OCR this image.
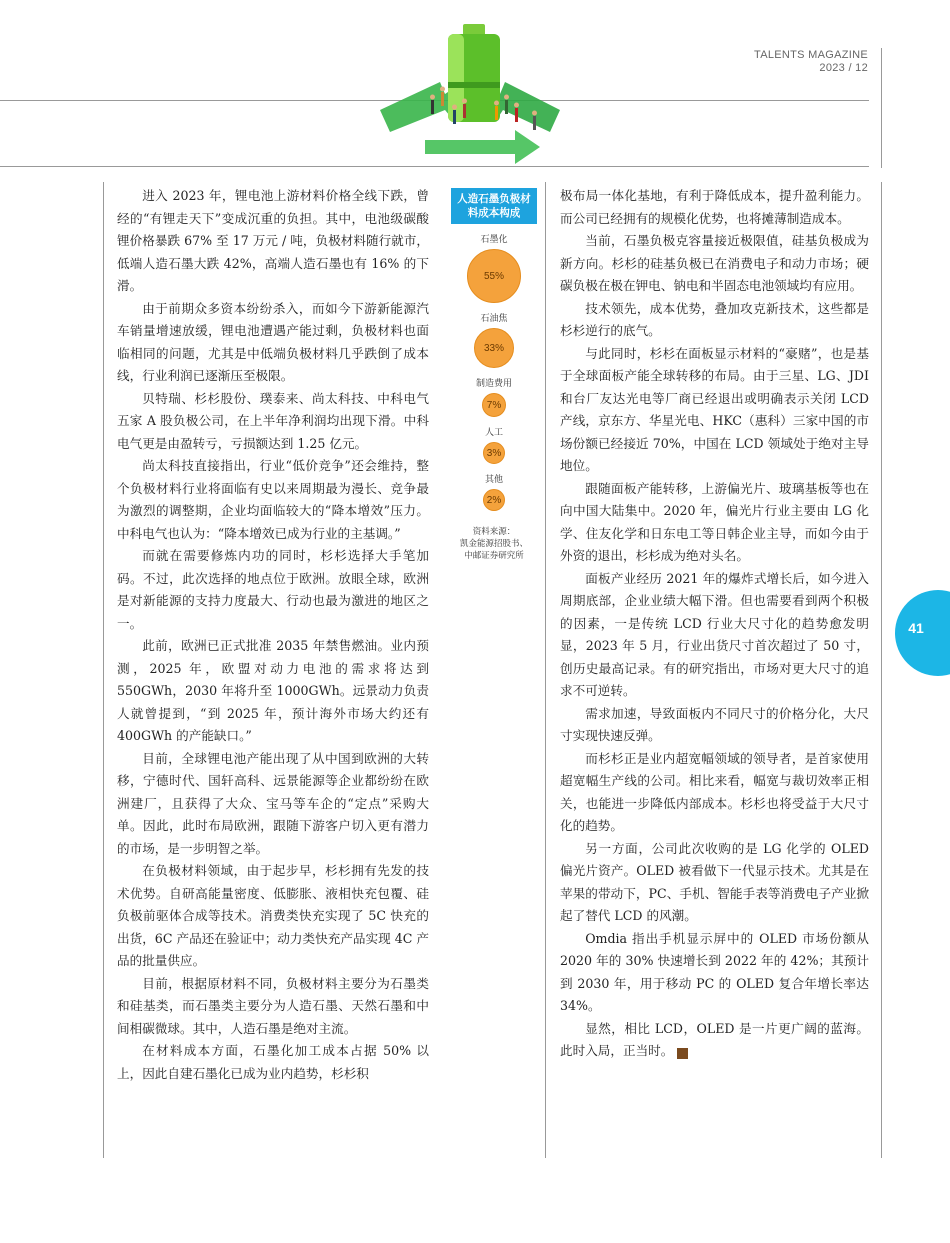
TALENTS MAGAZINE
2023 / 12

进入 2023 年，锂电池上游材料价格全线下跌，曾经的“有锂走天下”变成沉重的负担。其中，电池级碳酸锂价格暴跌 67% 至 17 万元 / 吨，负极材料随行就市，低端人造石墨大跌 42%，高端人造石墨也有 16% 的下滑。

由于前期众多资本纷纷杀入，而如今下游新能源汽车销量增速放缓，锂电池遭遇产能过剩，负极材料也面临相同的问题，尤其是中低端负极材料几乎跌倒了成本线，行业利润已逐渐压至极限。

贝特瑞、杉杉股份、璞泰来、尚太科技、中科电气五家 A 股负极公司，在上半年净利润均出现下滑。中科电气更是由盈转亏，亏损额达到 1.25 亿元。

尚太科技直接指出，行业“低价竞争”还会维持，整个负极材料行业将面临有史以来周期最为漫长、竞争最为激烈的调整期，企业均面临较大的“降本增效”压力。中科电气也认为：“降本增效已成为行业的主基调。”

而就在需要修炼内功的同时，杉杉选择大手笔加码。不过，此次选择的地点位于欧洲。放眼全球，欧洲是对新能源的支持力度最大、行动也最为激进的地区之一。

此前，欧洲已正式批准 2035 年禁售燃油。业内预测，2025 年，欧盟对动力电池的需求将达到 550GWh，2030 年将升至 1000GWh。远景动力负责人就曾提到，“到 2025 年，预计海外市场大约还有 400GWh 的产能缺口。”

目前，全球锂电池产能出现了从中国到欧洲的大转移，宁德时代、国轩高科、远景能源等企业都纷纷在欧洲建厂，且获得了大众、宝马等车企的“定点”采购大单。因此，此时布局欧洲，跟随下游客户切入更有潜力的市场，是一步明智之举。

在负极材料领域，由于起步早，杉杉拥有先发的技术优势。自研高能量密度、低膨胀、液相快充包覆、硅负极前驱体合成等技术。消费类快充实现了 5C 快充的出货，6C 产品还在验证中；动力类快充产品实现 4C 产品的批量供应。

目前，根据原材料不同，负极材料主要分为石墨类和硅基类，而石墨类主要分为人造石墨、天然石墨和中间相碳微球。其中，人造石墨是绝对主流。

在材料成本方面，石墨化加工成本占据 50% 以上，因此自建石墨化已成为业内趋势，杉杉积

人造石墨负极材料成本构成
石墨化
55%
石油焦
33%
制造费用
7%
人工
3%
其他
2%
资料来源：
凯金能源招股书、
中邮证券研究所

极布局一体化基地，有利于降低成本，提升盈利能力。而公司已经拥有的规模化优势，也将摊薄制造成本。

当前，石墨负极克容量接近极限值，硅基负极成为新方向。杉杉的硅基负极已在消费电子和动力市场；硬碳负极在极在钾电、钠电和半固态电池领域均有应用。

技术领先，成本优势，叠加攻克新技术，这些都是杉杉逆行的底气。

与此同时，杉杉在面板显示材料的“豪赌”，也是基于全球面板产能全球转移的布局。由于三星、LG、JDI 和台厂友达光电等厂商已经退出或明确表示关闭 LCD 产线，京东方、华星光电、HKC（惠科）三家中国的市场份额已经接近 70%，中国在 LCD 领域处于绝对主导地位。

跟随面板产能转移，上游偏光片、玻璃基板等也在向中国大陆集中。2020 年，偏光片行业主要由 LG 化学、住友化学和日东电工等日韩企业主导，而如今由于外资的退出，杉杉成为绝对头名。

面板产业经历 2021 年的爆炸式增长后，如今进入周期底部，企业业绩大幅下滑。但也需要看到两个积极的因素，一是传统 LCD 行业大尺寸化的趋势愈发明显，2023 年 5 月，行业出货尺寸首次超过了 50 寸，创历史最高记录。有的研究指出，市场对更大尺寸的追求不可逆转。

需求加速，导致面板内不同尺寸的价格分化，大尺寸实现快速反弹。

而杉杉正是业内超宽幅领域的领导者，是首家使用超宽幅生产线的公司。相比来看，幅宽与裁切效率正相关，也能进一步降低内部成本。杉杉也将受益于大尺寸化的趋势。

另一方面，公司此次收购的是 LG 化学的 OLED 偏光片资产。OLED 被看做下一代显示技术。尤其是在苹果的带动下，PC、手机、智能手表等消费电子产业掀起了替代 LCD 的风潮。

Omdia 指出手机显示屏中的 OLED 市场份额从 2020 年的 30% 快速增长到 2022 年的 42%；其预计到 2030 年，用于移动 PC 的 OLED 复合年增长率达 34%。

显然，相比 LCD，OLED 是一片更广阔的蓝海。此时入局，正当时。	t

41
